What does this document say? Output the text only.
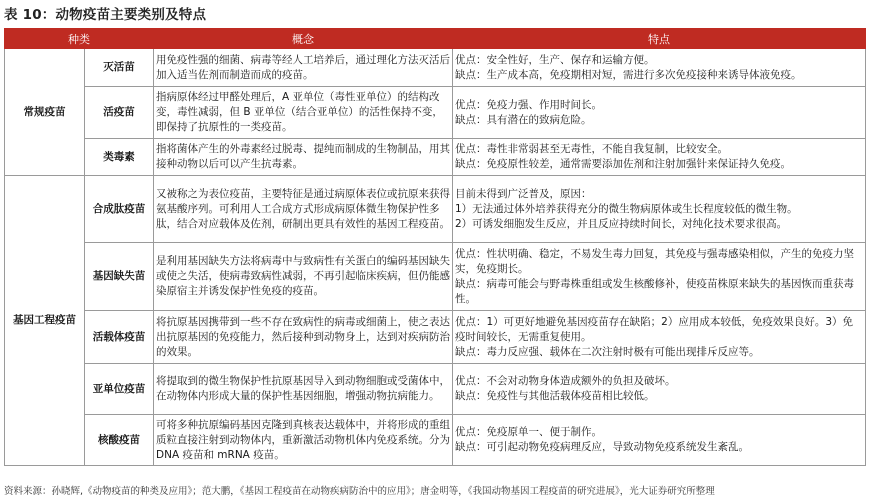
表 10：动物疫苗主要类别及特点
种类		概念	特点
常规疫苗	灭活苗	用免疫性强的细菌、病毒等经人工培养后，通过理化方法灭活后加入适当佐剂而制造而成的疫苗。	优点：安全性好，生产、保存和运输方便。
缺点：生产成本高，免疫期相对短，需进行多次免疫接种来诱导体液免疫。

	活疫苗	指病原体经过甲醛处理后，A 亚单位（毒性亚单位）的结构改变，毒性减弱，但 B 亚单位（结合亚单位）的活性保持不变，即保持了抗原性的一类疫苗。	优点：免疫力强、作用时间长。
缺点：具有潜在的致病危险。

	类毒素	指将菌体产生的外毒素经过脱毒、提纯而制成的生物制品，用其接种动物以后可以产生抗毒素。	优点：毒性非常弱甚至无毒性，不能自我复制，比较安全。
缺点：免疫原性较差，通常需要添加佐剂和注射加强针来保证持久免疫。

基因工程疫苗	合成肽疫苗	又被称之为表位疫苗，主要特征是通过病原体表位或抗原来获得氨基酸序列。可利用人工合成方式形成病原体微生物保护性多肽，结合对应载体及佐剂，研制出更具有效性的基因工程疫苗。	目前未得到广泛普及，原因：
1）无法通过体外培养获得充分的微生物病原体或生长程度较低的微生物。
2）可诱发细胞发生反应，并且反应持续时间长，对纯化技术要求很高。

	基因缺失苗	是利用基因缺失方法将病毒中与致病性有关蛋白的编码基因缺失或使之失活，使病毒致病性减弱，不再引起临床疾病，但仍能感染原宿主并诱发保护性免疫的疫苗。	优点：性状明确、稳定，不易发生毒力回复，其免疫与强毒感染相似，产生的免疫力坚实，免疫期长。
缺点：病毒可能会与野毒株重组或发生核酸修补，使疫苗株原来缺失的基因恢而重获毒性。

	活载体疫苗	将抗原基因携带到一些不存在致病性的病毒或细菌上，使之表达出抗原基因的免疫能力，然后接种到动物身上，达到对疾病防治的效果。	优点：1）可更好地避免基因疫苗存在缺陷；2）应用成本较低，免疫效果良好。3）免疫时间较长，无需重复使用。
缺点：毒力反应强、载体在二次注射时极有可能出现排斥反应等。

	亚单位疫苗	将提取到的微生物保护性抗原基因导入到动物细胞或受菌体中，在动物体内形成大量的保护性基因细胞，增强动物抗病能力。	优点：不会对动物身体造成额外的负担及破坏。
缺点：免疫性与其他活载体疫苗相比较低。

	核酸疫苗	可将多种抗原编码基因克隆到真核表达载体中，并将形成的重组质粒直接注射到动物体内，重新激活动物机体内免疫系统。分为 DNA 疫苗和 mRNA 疫苗。	优点：免疫原单一、便于制作。
缺点：可引起动物免疫病理反应，导致动物免疫系统发生紊乱。
资料来源：孙晓辉,《动物疫苗的种类及应用》；范大鹏，《基因工程疫苗在动物疾病防治中的应用》；唐金明等，《我国动物基因工程疫苗的研究进展》，光大证券研究所整理
